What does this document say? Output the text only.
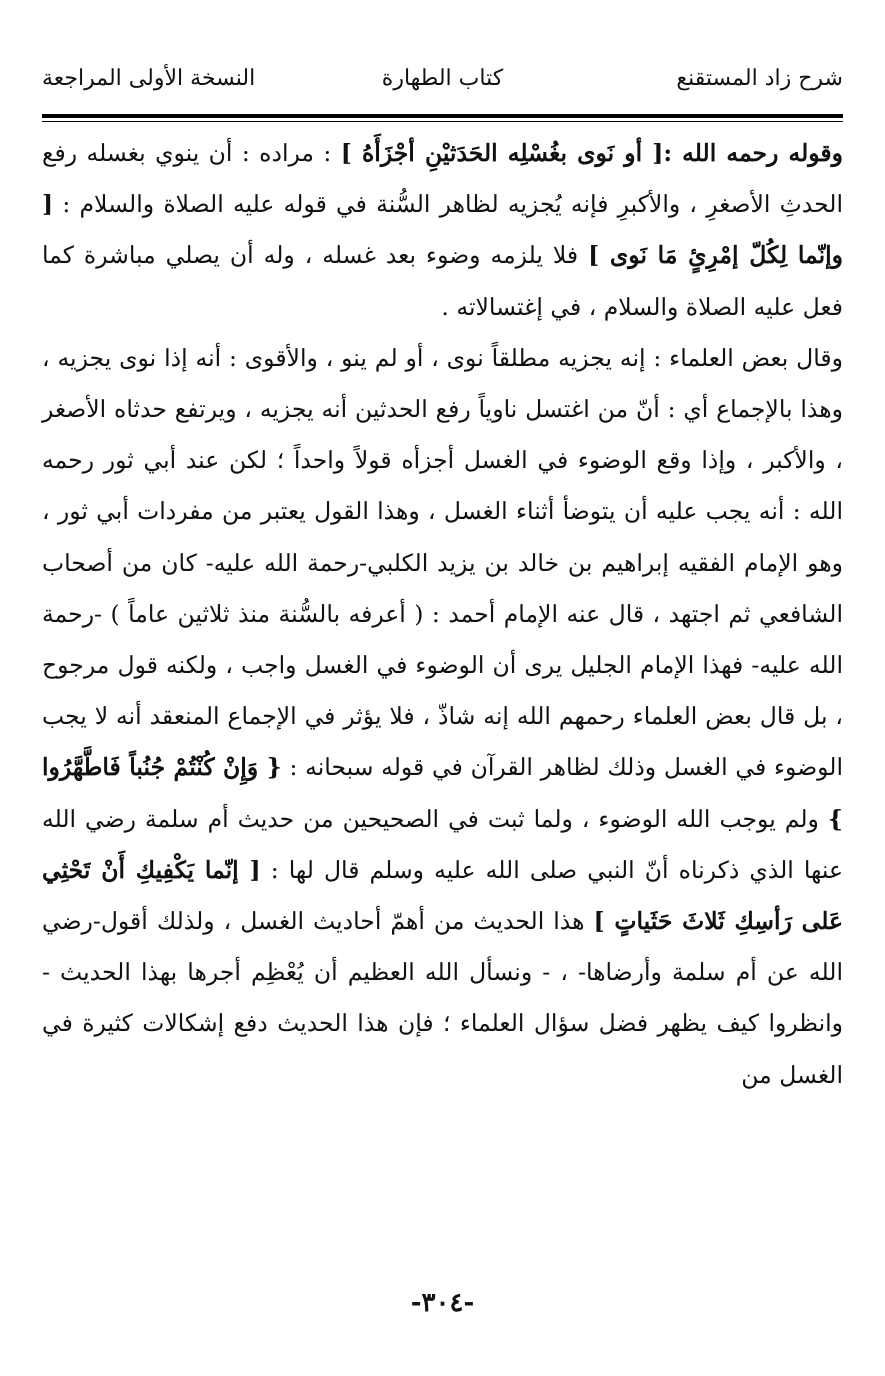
شرح زاد المستقنع
كتاب الطهارة
النسخة الأولى المراجعة

وقوله رحمه الله :[ أو نَوى بغُسْلِه الحَدَثيْنِ أجْزَأَهُ ] : مراده : أن ينوي بغسله رفع الحدثِ الأصغرِ ، والأكبرِ فإنه يُجزيه لظاهر السُّنة في قوله عليه الصلاة والسلام : [ وإنّما لِكُلّ إمْرِئٍ مَا نَوى ] فلا يلزمه وضوء بعد غسله ، وله أن يصلي مباشرة كما فعل عليه الصلاة والسلام ، في إغتسالاته .

وقال بعض العلماء : إنه يجزيه مطلقاً نوى ، أو لم ينو ، والأقوى : أنه إذا نوى يجزيه ، وهذا بالإجماع أي : أنّ من اغتسل ناوياً رفع الحدثين أنه يجزيه ، ويرتفع حدثاه الأصغر ، والأكبر ، وإذا وقع الوضوء في الغسل أجزأه قولاً واحداً ؛ لكن عند أبي ثور رحمه الله : أنه يجب عليه أن يتوضأ أثناء الغسل ، وهذا القول يعتبر من مفردات أبي ثور ، وهو الإمام الفقيه إبراهيم بن خالد بن يزيد الكلبي-رحمة الله عليه- كان من أصحاب الشافعي ثم اجتهد ، قال عنه الإمام أحمد : ( أعرفه بالسُّنة منذ ثلاثين عاماً ) -رحمة الله عليه- فهذا الإمام الجليل يرى أن الوضوء في الغسل واجب ، ولكنه قول مرجوح ، بل قال بعض العلماء رحمهم الله إنه شاذّ ، فلا يؤثر في الإجماع المنعقد أنه لا يجب الوضوء في الغسل وذلك لظاهر القرآن في قوله سبحانه : { وَإِنْ كُنْتُمْ جُنُباً فَاطَّهَّرُوا } ولم يوجب الله الوضوء ، ولما ثبت في الصحيحين من حديث أم سلمة رضي الله عنها الذي ذكرناه أنّ النبي صلى الله عليه وسلم قال لها : [ إنّما يَكْفِيكِ أَنْ تَحْثِي عَلى رَأسِكِ ثَلاثَ حَثَياتٍ ] هذا الحديث من أهمّ أحاديث الغسل ، ولذلك أقول-رضي الله عن أم سلمة وأرضاها- ، - ونسأل الله العظيم أن يُعْظِم أجرها بهذا الحديث - وانظروا كيف يظهر فضل سؤال العلماء ؛ فإن هذا الحديث دفع إشكالات كثيرة في الغسل من

-٣٠٤-
